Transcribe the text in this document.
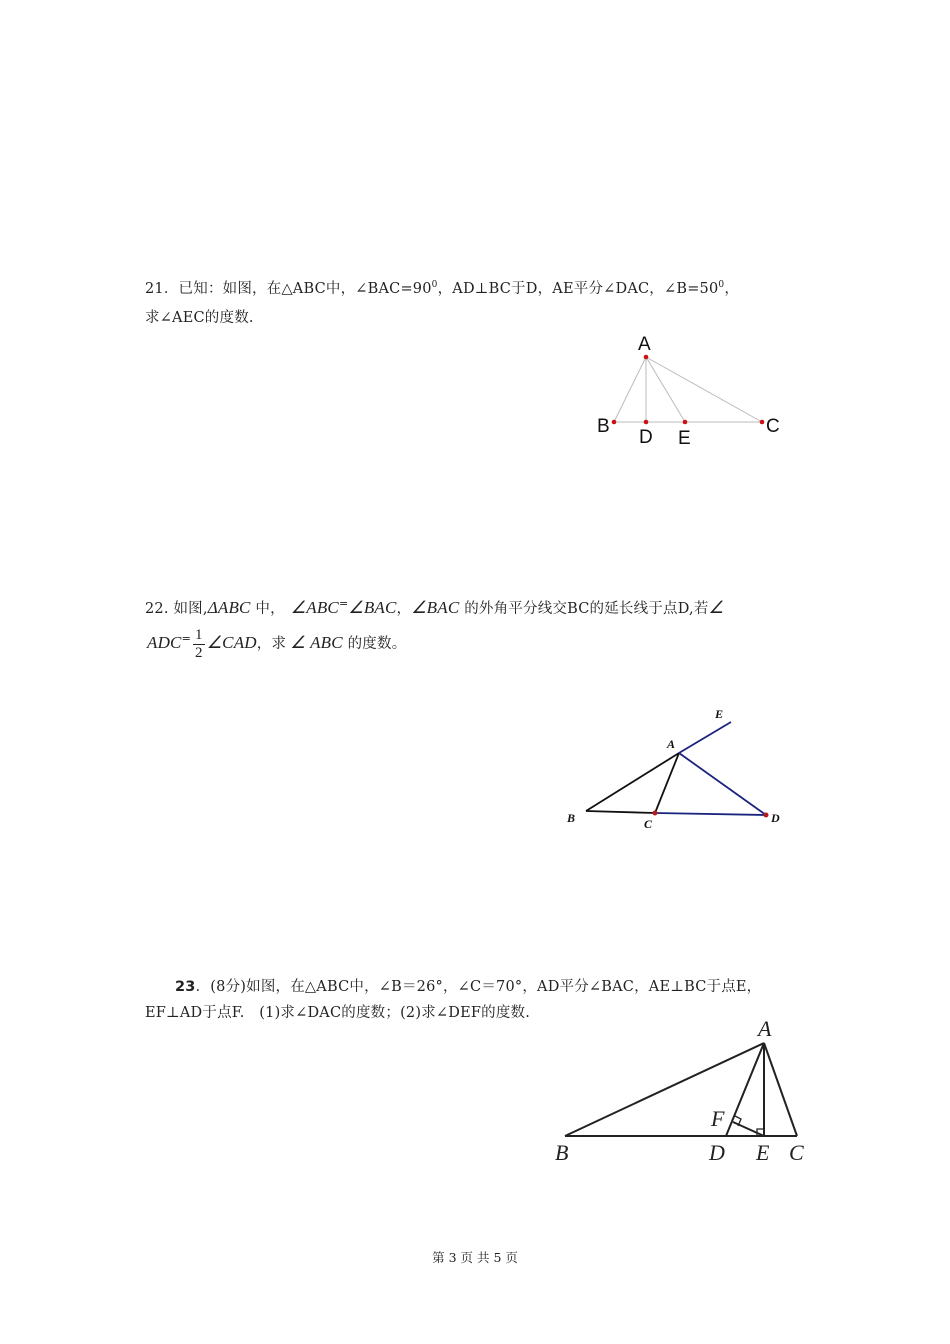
21．已知：如图，在△ABC中，$\angle BAC=90^0$，AD⊥BC于D，AE平分∠DAC，$\angle B=50^0$，
求∠AEC的度数.
A
B
D E
C
22. 如图,ΔABC 中， ∠ABC=∠BAC，∠BAC 的外角平分线交BC的延长线于点D,若∠
$ADC^= \frac{1}{2}$ ∠CAD，求 ∠ ABC 的度数。
E
A
B	C	D
23．(8分)如图，在△ABC中，∠B＝26°，∠C＝70°，AD平分∠BAC，AE⊥BC于点E，
EF⊥AD于点F.　(1)求∠DAC的度数；(2)求∠DEF的度数.
A
B	D E C
F
第 3 页 共 5 页
